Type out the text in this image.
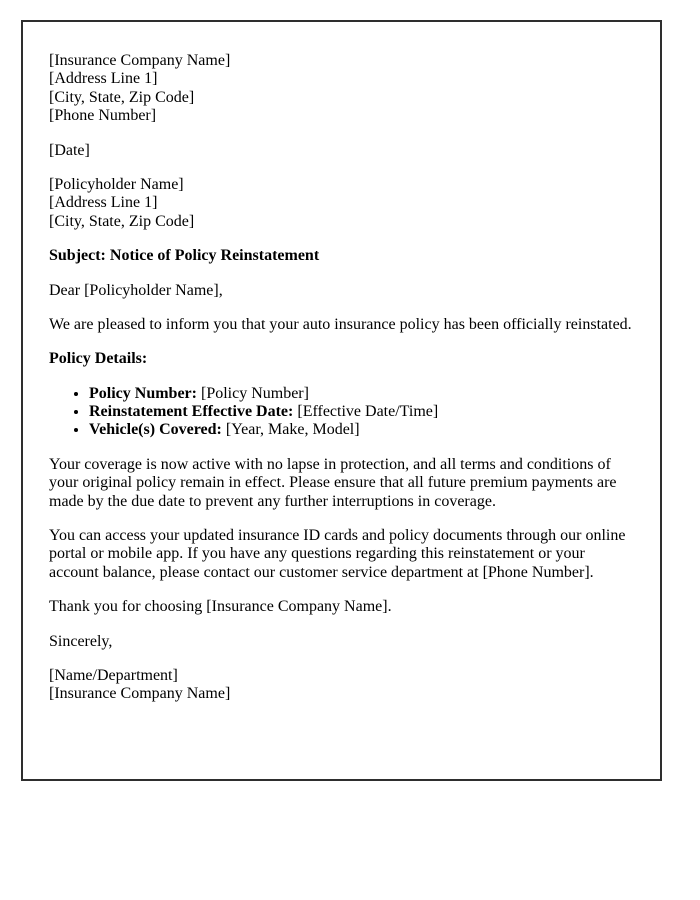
[Insurance Company Name]
[Address Line 1]
[City, State, Zip Code]
[Phone Number]

[Date]

[Policyholder Name]
[Address Line 1]
[City, State, Zip Code]

Subject: Notice of Policy Reinstatement

Dear [Policyholder Name],

We are pleased to inform you that your auto insurance policy has been officially reinstated.

Policy Details:

• Policy Number: [Policy Number]
• Reinstatement Effective Date: [Effective Date/Time]
• Vehicle(s) Covered: [Year, Make, Model]

Your coverage is now active with no lapse in protection, and all terms and conditions of your original policy remain in effect. Please ensure that all future premium payments are made by the due date to prevent any further interruptions in coverage.

You can access your updated insurance ID cards and policy documents through our online portal or mobile app. If you have any questions regarding this reinstatement or your account balance, please contact our customer service department at [Phone Number].

Thank you for choosing [Insurance Company Name].

Sincerely,

[Name/Department]
[Insurance Company Name]
